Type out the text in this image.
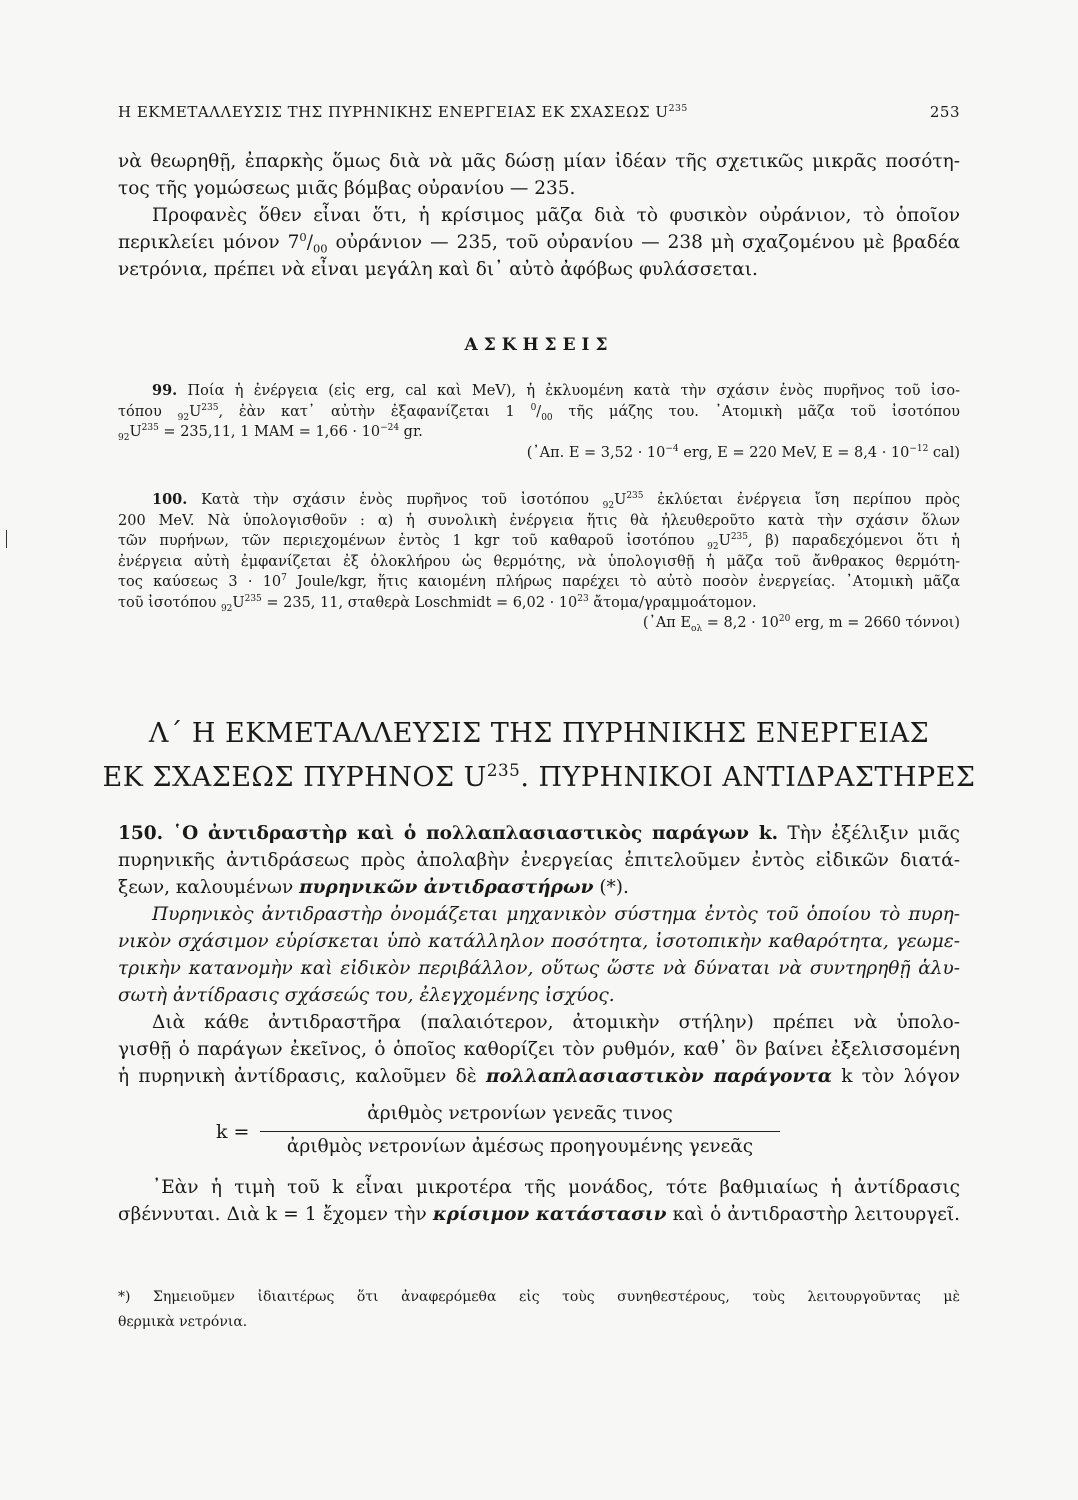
Η ΕΚΜΕΤΑΛΛΕΥΣΙΣ ΤΗΣ ΠΥΡΗΝΙΚΗΣ ΕΝΕΡΓΕΙΑΣ ΕΚ ΣΧΑΣΕΩΣ $U^{235}$	253
νὰ θεωρηθῇ, ἐπαρκὴς ὅμως διὰ νὰ μᾶς δώσῃ μίαν ἰδέαν τῆς σχετικῶς μικρᾶς ποσότη-
τος τῆς γομώσεως μιᾶς βόμβας οὐρανίου — 235.
Προφανὲς ὅθεν εἶναι ὅτι, ἡ κρίσιμος μᾶζα διὰ τὸ φυσικὸν οὐράνιον, τὸ ὁποῖον
περικλείει μόνον $7^0/_{00}$ οὐράνιον — 235, τοῦ οὐρανίου — 238 μὴ σχαζομένου μὲ βραδέα
νετρόνια, πρέπει νὰ εἶναι μεγάλη καὶ δι᾽ αὐτὸ ἀφόβως φυλάσσεται.
ΑΣΚΗΣΕΙΣ
99. Ποία ἡ ἐνέργεια (εἰς erg, cal καὶ MeV), ἡ ἐκλυομένη κατὰ τὴν σχάσιν ἑνὸς πυρῆνος τοῦ ἰσο-
τόπου $_{92}U^{235}$, ἐὰν κατ᾽ αὐτὴν ἐξαφανίζεται 1 $^0/_{00}$ τῆς μάζης του. ᾿Ατομικὴ μᾶζα τοῦ ἰσοτόπου
$_{92}U^{235} = 235,11$, 1 MAM = $1,66 \cdot 10^{-24}$ gr.
(᾿Απ. $E = 3,52 \cdot 10^{-4}$ erg, E = 220 MeV, $E = 8,4 \cdot 10^{-12}$ cal)
100. Κατὰ τὴν σχάσιν ἑνὸς πυρῆνος τοῦ ἰσοτόπου $_{92}U^{235}$ ἐκλύεται ἐνέργεια ἴση περίπου πρὸς
200 MeV. Νὰ ὑπολογισθοῦν : α) ἡ συνολικὴ ἐνέργεια ἥτις θὰ ἠλευθεροῦτο κατὰ τὴν σχάσιν ὅλων
τῶν πυρήνων, τῶν περιεχομένων ἐντὸς 1 kgr τοῦ καθαροῦ ἰσοτόπου $_{92}U^{235}$, β) παραδεχόμενοι ὅτι ἡ
ἐνέργεια αὐτὴ ἐμφανίζεται ἐξ ὁλοκλήρου ὡς θερμότης, νὰ ὑπολογισθῇ ἡ μᾶζα τοῦ ἄνθρακος θερμότη-
τος καύσεως $3 \cdot 10^7$ Joule/kgr, ἥτις καιομένη πλήρως παρέχει τὸ αὐτὸ ποσὸν ἐνεργείας. ᾿Ατομικὴ μᾶζα
τοῦ ἰσοτόπου $_{92}U^{235} = 235$, 11, σταθερὰ Loschmidt = $6,02 \cdot 10^{23}$ ἄτομα/γραμμοάτομον.
(᾿Απ $E_{o\lambda} = 8,2 \cdot 10^{20}$ erg, m = 2660 τόννοι)
Λ΄ Η ΕΚΜΕΤΑΛΛΕΥΣΙΣ ΤΗΣ ΠΥΡΗΝΙΚΗΣ ΕΝΕΡΓΕΙΑΣ
ΕΚ ΣΧΑΣΕΩΣ ΠΥΡΗΝΟΣ $U^{235}$. ΠΥΡΗΝΙΚΟΙ ΑΝΤΙΔΡΑΣΤΗΡΕΣ
150. ῾Ο ἀντιδραστὴρ καὶ ὁ πολλαπλασιαστικὸς παράγων k. Τὴν ἐξέλιξιν μιᾶς
πυρηνικῆς ἀντιδράσεως πρὸς ἀπολαβὴν ἐνεργείας ἐπιτελοῦμεν ἐντὸς εἰδικῶν διατά-
ξεων, καλουμένων πυρηνικῶν ἀντιδραστήρων (*).
Πυρηνικὸς ἀντιδραστὴρ ὀνομάζεται μηχανικὸν σύστημα ἐντὸς τοῦ ὁποίου τὸ πυρη-
νικὸν σχάσιμον εὑρίσκεται ὑπὸ κατάλληλον ποσότητα, ἰσοτοπικὴν καθαρότητα, γεωμε-
τρικὴν κατανομὴν καὶ εἰδικὸν περιβάλλον, οὕτως ὥστε νὰ δύναται νὰ συντηρηθῇ ἁλυ-
σωτὴ ἀντίδρασις σχάσεώς του, ἐλεγχομένης ἰσχύος.
Διὰ κάθε ἀντιδραστῆρα (παλαιότερον, ἀτομικὴν στήλην) πρέπει νὰ ὑπολο-
γισθῇ ὁ παράγων ἐκεῖνος, ὁ ὁποῖος καθορίζει τὸν ρυθμόν, καθ᾽ ὃν βαίνει ἐξελισσομένη
ἡ πυρηνικὴ ἀντίδρασις, καλοῦμεν δὲ πολλαπλασιαστικὸν παράγοντα k τὸν λόγον
k =
ἀριθμὸς νετρονίων γενεᾶς τινος
ἀριθμὸς νετρονίων ἀμέσως προηγουμένης γενεᾶς
᾿Εὰν ἡ τιμὴ τοῦ k εἶναι μικροτέρα τῆς μονάδος, τότε βαθμιαίως ἡ ἀντίδρασις
σβέννυται. Διὰ k = 1 ἔχομεν τὴν κρίσιμον κατάστασιν καὶ ὁ ἀντιδραστὴρ λειτουργεῖ.
*) Σημειοῦμεν ἰδιαιτέρως ὅτι ἀναφερόμεθα εἰς τοὺς συνηθεστέρους, τοὺς λειτουργοῦντας μὲ
θερμικὰ νετρόνια.
